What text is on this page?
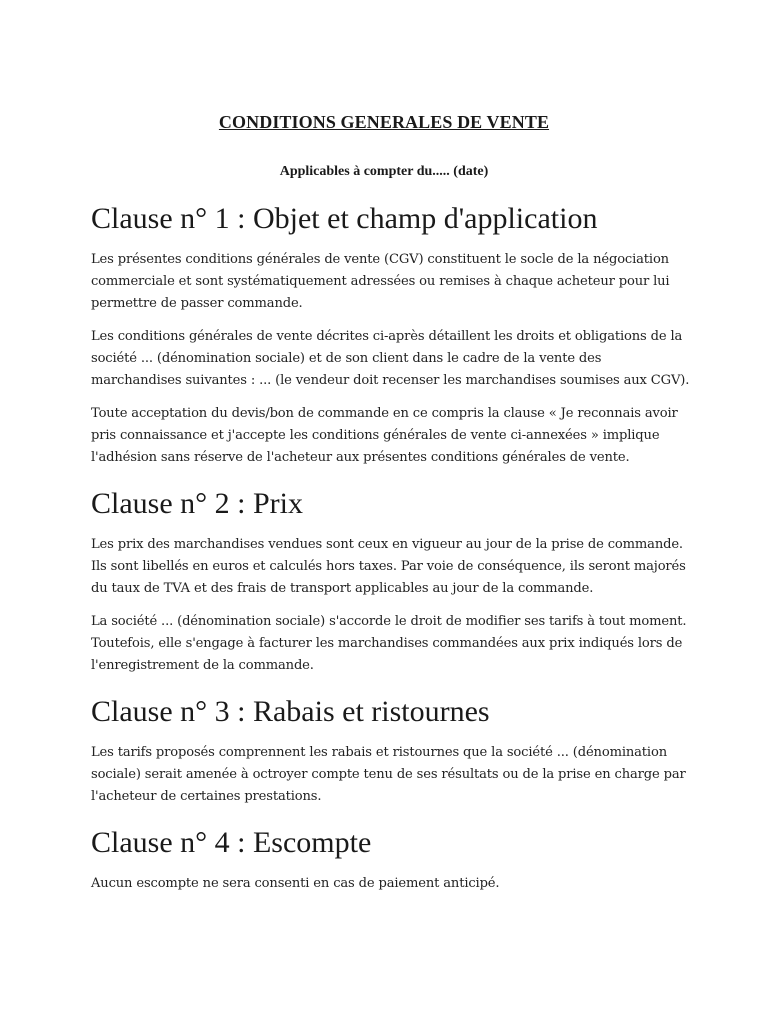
CONDITIONS GENERALES DE VENTE
Applicables à compter du..... (date)
Clause n° 1 : Objet et champ d'application

Les présentes conditions générales de vente (CGV) constituent le socle de la négociation commerciale et sont systématiquement adressées ou remises à chaque acheteur pour lui permettre de passer commande.

Les conditions générales de vente décrites ci-après détaillent les droits et obligations de la société ... (dénomination sociale) et de son client dans le cadre de la vente des marchandises suivantes : ... (le vendeur doit recenser les marchandises soumises aux CGV).

Toute acceptation du devis/bon de commande en ce compris la clause « Je reconnais avoir pris connaissance et j'accepte les conditions générales de vente ci-annexées » implique l'adhésion sans réserve de l'acheteur aux présentes conditions générales de vente.

Clause n° 2 : Prix

Les prix des marchandises vendues sont ceux en vigueur au jour de la prise de commande. Ils sont libellés en euros et calculés hors taxes. Par voie de conséquence, ils seront majorés du taux de TVA et des frais de transport applicables au jour de la commande.

La société ... (dénomination sociale) s'accorde le droit de modifier ses tarifs à tout moment. Toutefois, elle s'engage à facturer les marchandises commandées aux prix indiqués lors de l'enregistrement de la commande.

Clause n° 3 : Rabais et ristournes

Les tarifs proposés comprennent les rabais et ristournes que la société ... (dénomination sociale) serait amenée à octroyer compte tenu de ses résultats ou de la prise en charge par l'acheteur de certaines prestations.

Clause n° 4 : Escompte

Aucun escompte ne sera consenti en cas de paiement anticipé.
